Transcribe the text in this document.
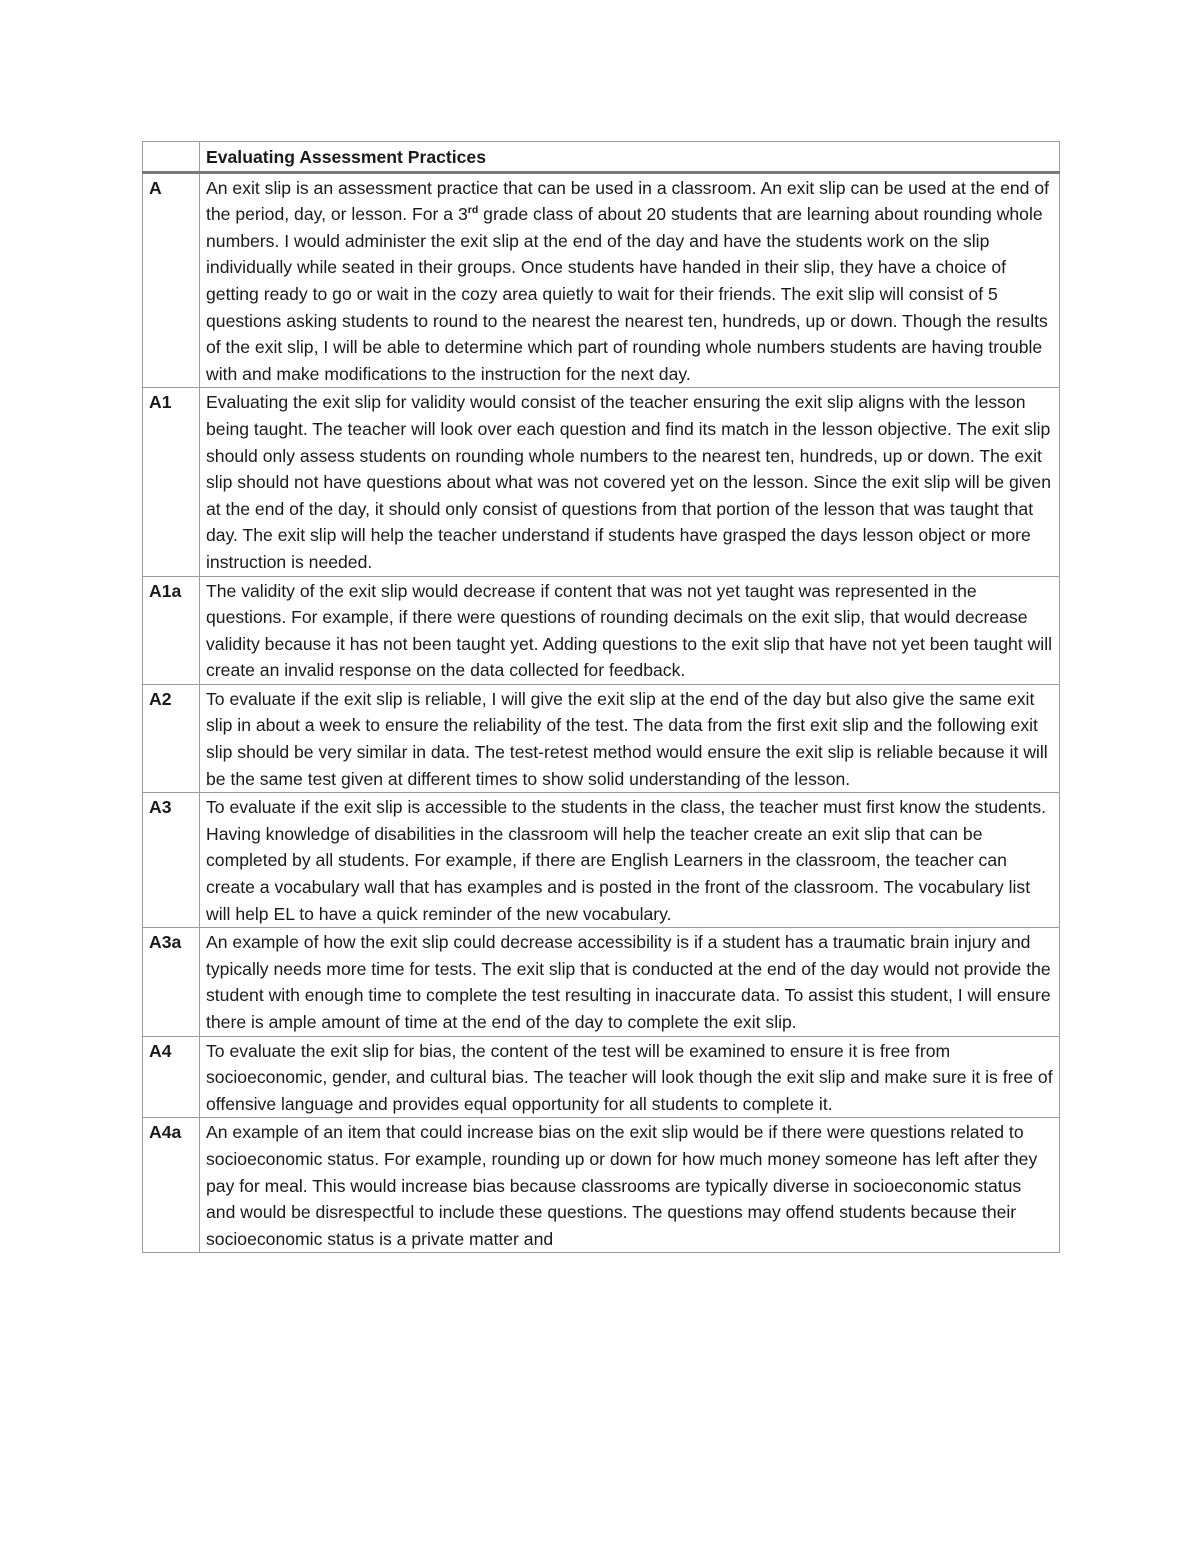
	Evaluating Assessment Practices
A	An exit slip is an assessment practice that can be used in a classroom. An exit slip can be used at the end of the period, day, or lesson. For a 3rd grade class of about 20 students that are learning about rounding whole numbers. I would administer the exit slip at the end of the day and have the students work on the slip individually while seated in their groups. Once students have handed in their slip, they have a choice of getting ready to go or wait in the cozy area quietly to wait for their friends. The exit slip will consist of 5 questions asking students to round to the nearest the nearest ten, hundreds, up or down. Though the results of the exit slip, I will be able to determine which part of rounding whole numbers students are having trouble with and make modifications to the instruction for the next day.
A1	Evaluating the exit slip for validity would consist of the teacher ensuring the exit slip aligns with the lesson being taught. The teacher will look over each question and find its match in the lesson objective. The exit slip should only assess students on rounding whole numbers to the nearest ten, hundreds, up or down. The exit slip should not have questions about what was not covered yet on the lesson. Since the exit slip will be given at the end of the day, it should only consist of questions from that portion of the lesson that was taught that day. The exit slip will help the teacher understand if students have grasped the days lesson object or more instruction is needed.
A1a	The validity of the exit slip would decrease if content that was not yet taught was represented in the questions. For example, if there were questions of rounding decimals on the exit slip, that would decrease validity because it has not been taught yet. Adding questions to the exit slip that have not yet been taught will create an invalid response on the data collected for feedback.
A2	To evaluate if the exit slip is reliable, I will give the exit slip at the end of the day but also give the same exit slip in about a week to ensure the reliability of the test. The data from the first exit slip and the following exit slip should be very similar in data. The test-retest method would ensure the exit slip is reliable because it will be the same test given at different times to show solid understanding of the lesson.
A3	To evaluate if the exit slip is accessible to the students in the class, the teacher must first know the students. Having knowledge of disabilities in the classroom will help the teacher create an exit slip that can be completed by all students. For example, if there are English Learners in the classroom, the teacher can create a vocabulary wall that has examples and is posted in the front of the classroom. The vocabulary list will help EL to have a quick reminder of the new vocabulary.
A3a	An example of how the exit slip could decrease accessibility is if a student has a traumatic brain injury and typically needs more time for tests. The exit slip that is conducted at the end of the day would not provide the student with enough time to complete the test resulting in inaccurate data. To assist this student, I will ensure there is ample amount of time at the end of the day to complete the exit slip.
A4	To evaluate the exit slip for bias, the content of the test will be examined to ensure it is free from socioeconomic, gender, and cultural bias. The teacher will look though the exit slip and make sure it is free of offensive language and provides equal opportunity for all students to complete it.
A4a	An example of an item that could increase bias on the exit slip would be if there were questions related to socioeconomic status. For example, rounding up or down for how much money someone has left after they pay for meal. This would increase bias because classrooms are typically diverse in socioeconomic status and would be disrespectful to include these questions. The questions may offend students because their socioeconomic status is a private matter and
